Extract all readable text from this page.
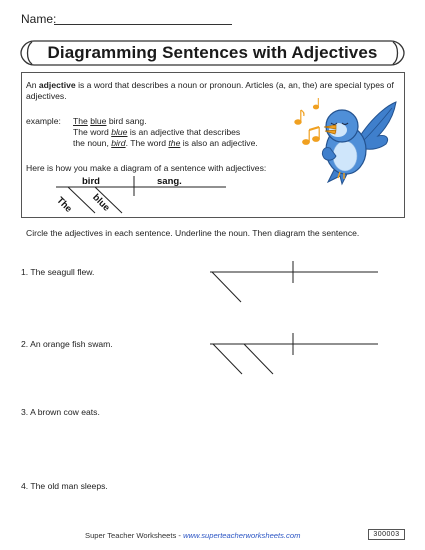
Name:
Diagramming Sentences with Adjectives
An adjective is a word that describes a noun or pronoun. Articles (a, an, the) are special types of adjectives.
example: The blue bird sang.
The word blue is an adjective that describes
the noun, bird. The word the is also an adjective.
Here is how you make a diagram of a sentence with adjectives:
bird	sang.
The blue
Circle the adjectives in each sentence. Underline the noun. Then diagram the sentence.
1. The seagull flew.
2. An orange fish swam.
3. A brown cow eats.
4. The old man sleeps.
Super Teacher Worksheets - www.superteacherworksheets.com	300003
